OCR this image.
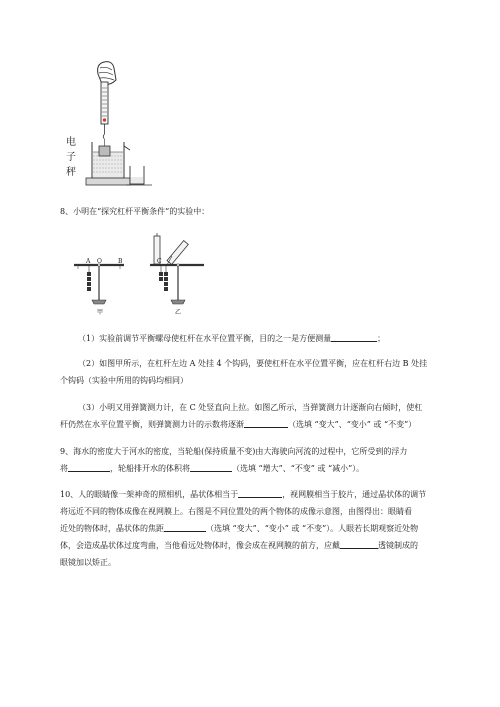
电
子
秤
8、小明在“探究杠杆平衡条件”的实验中：
A O	B	C
甲	乙
（1）实验前调节平衡螺母使杠杆在水平位置平衡，目的之一是方便测量	；
（2）如图甲所示，在杠杆左边 A 处挂 4 个钩码，要使杠杆在水平位置平衡，应在杠杆右边 B 处挂
个钩码（实验中所用的钩码均相同）
（3）小明又用弹簧测力计，在 C 处竖直向上拉。如图乙所示，当弹簧测力计逐渐向右倾时，使杠
杆仍然在水平位置平衡，则弹簧测力计的示数将逐渐	（选填 “变大”、“变小” 或 “不变”）
9、海水的密度大于河水的密度，当轮船(保持质量不变)由大海驶向河流的过程中，它所受到的浮力
将	，轮船排开水的体积将	（选填 “增大”、“不变” 或 “减小”）。
10、人的眼睛像一架神奇的照相机，晶状体相当于	，视网膜相当于胶片，通过晶状体的调节
将远近不同的物体成像在视网膜上。右图是不同位置处的两个物体的成像示意图，由图得出：眼睛看
近处的物体时，晶状体的焦距	（选填 “变大”、“变小” 或 “不变”）。人眼若长期观察近处物
体，会造成晶状体过度弯曲，当他看远处物体时，像会成在视网膜的前方，应戴	透镜制成的
眼镜加以矫正。
